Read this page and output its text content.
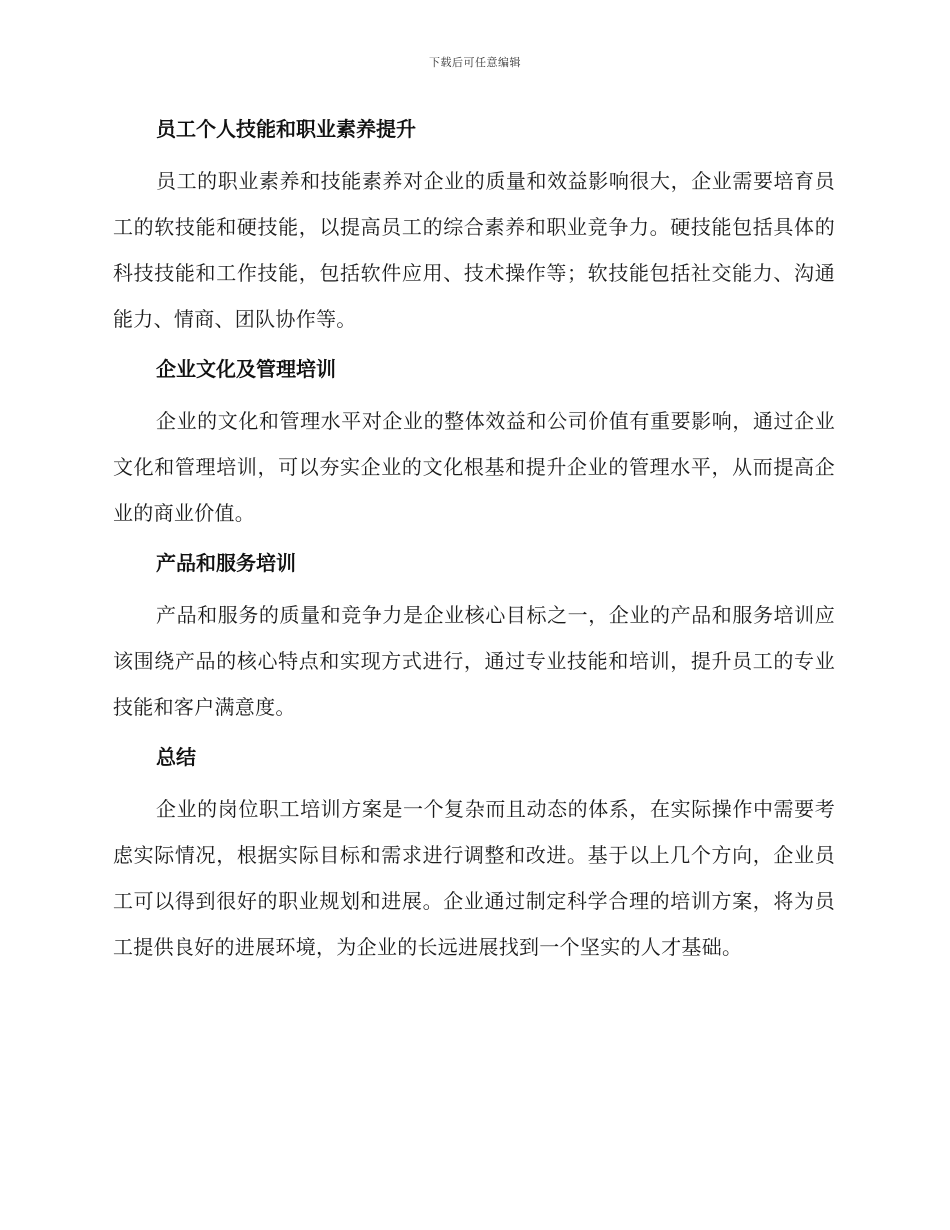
下载后可任意编辑
员工个人技能和职业素养提升

员工的职业素养和技能素养对企业的质量和效益影响很大，企业需要培育员工的软技能和硬技能，以提高员工的综合素养和职业竞争力。硬技能包括具体的科技技能和工作技能，包括软件应用、技术操作等；软技能包括社交能力、沟通能力、情商、团队协作等。

企业文化及管理培训

企业的文化和管理水平对企业的整体效益和公司价值有重要影响，通过企业文化和管理培训，可以夯实企业的文化根基和提升企业的管理水平，从而提高企业的商业价值。

产品和服务培训

产品和服务的质量和竞争力是企业核心目标之一，企业的产品和服务培训应该围绕产品的核心特点和实现方式进行，通过专业技能和培训，提升员工的专业技能和客户满意度。

总结

企业的岗位职工培训方案是一个复杂而且动态的体系，在实际操作中需要考虑实际情况，根据实际目标和需求进行调整和改进。基于以上几个方向，企业员工可以得到很好的职业规划和进展。企业通过制定科学合理的培训方案，将为员工提供良好的进展环境，为企业的长远进展找到一个坚实的人才基础。
